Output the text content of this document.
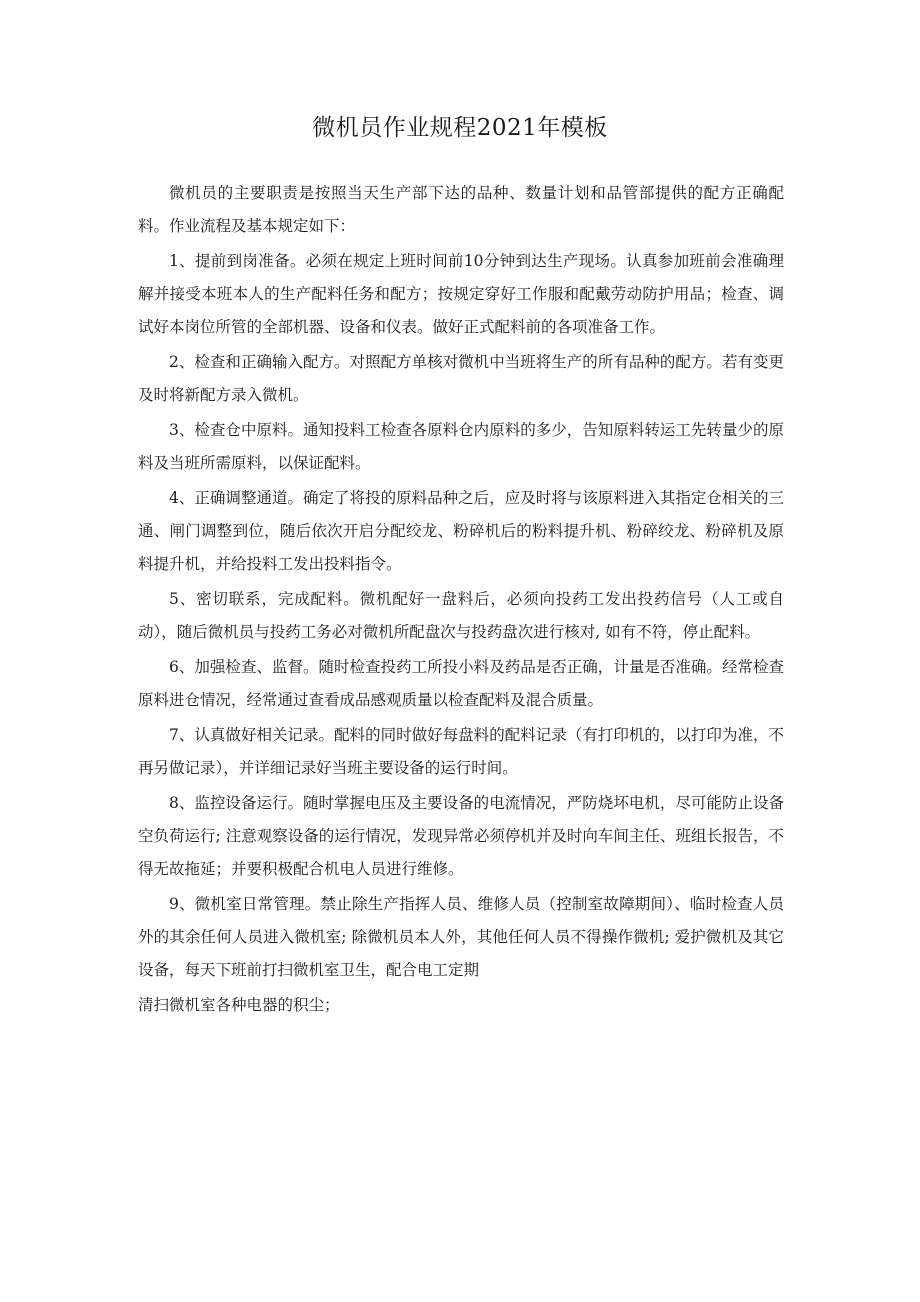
微机员作业规程2021年模板

微机员的主要职责是按照当天生产部下达的品种、数量计划和品管部提供的配方正确配料。作业流程及基本规定如下：

1、提前到岗准备。必须在规定上班时间前10分钟到达生产现场。认真参加班前会准确理解并接受本班本人的生产配料任务和配方；按规定穿好工作服和配戴劳动防护用品；检查、调试好本岗位所管的全部机器、设备和仪表。做好正式配料前的各项准备工作。

2、检查和正确输入配方。对照配方单核对微机中当班将生产的所有品种的配方。若有变更及时将新配方录入微机。

3、检查仓中原料。通知投料工检查各原料仓内原料的多少，告知原料转运工先转量少的原料及当班所需原料，以保证配料。

4、正确调整通道。确定了将投的原料品种之后，应及时将与该原料进入其指定仓相关的三通、闸门调整到位，随后依次开启分配绞龙、粉碎机后的粉料提升机、粉碎绞龙、粉碎机及原料提升机，并给投料工发出投料指令。

5、密切联系，完成配料。微机配好一盘料后，必须向投药工发出投药信号（人工或自动），随后微机员与投药工务必对微机所配盘次与投药盘次进行核对, 如有不符，停止配料。

6、加强检查、监督。随时检查投药工所投小料及药品是否正确，计量是否准确。经常检查原料进仓情况，经常通过查看成品感观质量以检查配料及混合质量。

7、认真做好相关记录。配料的同时做好每盘料的配料记录（有打印机的，以打印为准，不再另做记录），并详细记录好当班主要设备的运行时间。

8、监控设备运行。随时掌握电压及主要设备的电流情况，严防烧坏电机，尽可能防止设备空负荷运行; 注意观察设备的运行情况，发现异常必须停机并及时向车间主任、班组长报告，不得无故拖延；并要积极配合机电人员进行维修。

9、微机室日常管理。禁止除生产指挥人员、维修人员（控制室故障期间）、临时检查人员外的其余任何人员进入微机室; 除微机员本人外，其他任何人员不得操作微机; 爱护微机及其它设备，每天下班前打扫微机室卫生，配合电工定期

清扫微机室各种电器的积尘；
